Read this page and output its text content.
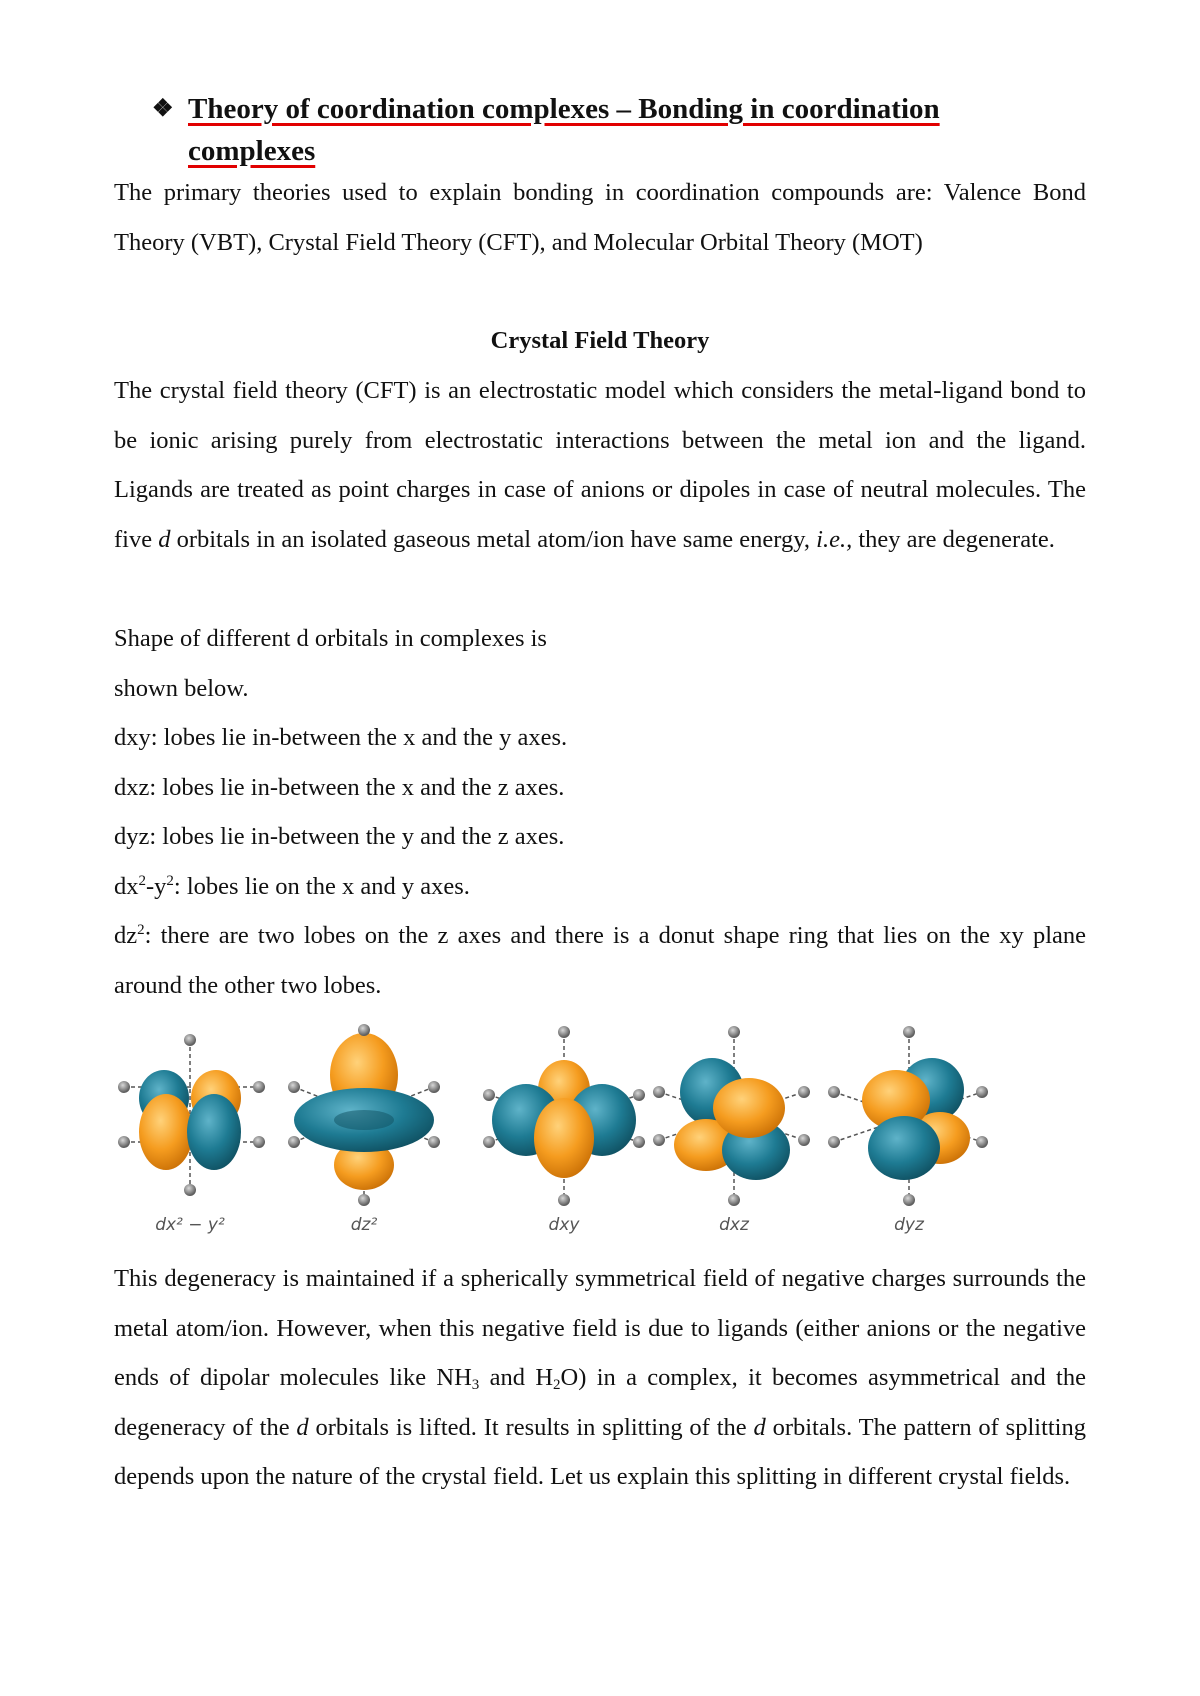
❖ Theory of coordination complexes – Bonding in coordination
complexes

The primary theories used to explain bonding in coordination compounds are: Valence Bond Theory (VBT), Crystal Field Theory (CFT), and Molecular Orbital Theory (MOT)

Crystal Field Theory

The crystal field theory (CFT) is an electrostatic model which considers the metal-ligand bond to be ionic arising purely from electrostatic interactions between the metal ion and the ligand. Ligands are treated as point charges in case of anions or dipoles in case of neutral molecules. The five d orbitals in an isolated gaseous metal atom/ion have same energy, i.e., they are degenerate.

Shape of different d orbitals in complexes is

shown below.

dxy: lobes lie in-between the x and the y axes.

dxz: lobes lie in-between the x and the z axes.

dyz: lobes lie in-between the y and the z axes.

$dx^2-y^2$: lobes lie on the x and y axes.

$dz^2$: there are two lobes on the z axes and there is a donut shape ring that lies on the xy plane around the other two lobes.

dx² − y²	dz²	dxy	dxz	dyz

This degeneracy is maintained if a spherically symmetrical field of negative charges surrounds the metal atom/ion. However, when this negative field is due to ligands (either anions or the negative ends of dipolar molecules like $NH_3$ and $H_2O$) in a complex, it becomes asymmetrical and the degeneracy of the d orbitals is lifted. It results in splitting of the d orbitals. The pattern of splitting depends upon the nature of the crystal field. Let us explain this splitting in different crystal fields.
